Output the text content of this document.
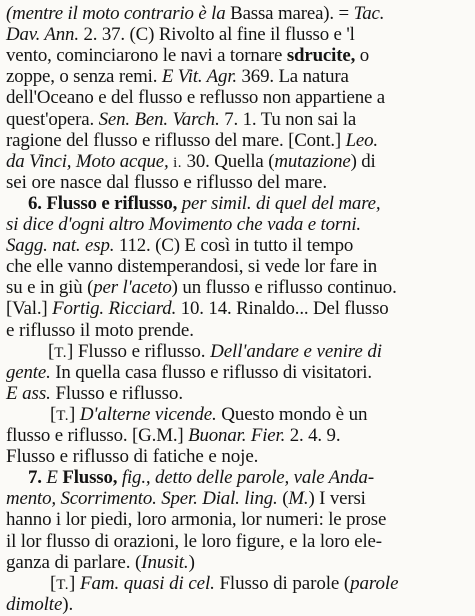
(mentre il moto contrario è la Bassa marea). = Tac.
Dav. Ann. 2. 37. (C) Rivolto al fine il flusso e 'l
vento, cominciarono le navi a tornare sdrucite, o
zoppe, o senza remi. E Vit. Agr. 369. La natura
dell'Oceano e del flusso e reflusso non appartiene a
quest'opera. Sen. Ben. Varch. 7. 1. Tu non sai la
ragione del flusso e riflusso del mare. [Cont.] Leo.
da Vinci, Moto acque, i. 30. Quella (mutazione) di
sei ore nasce dal flusso e riflusso del mare.
6. Flusso e riflusso, per simil. di quel del mare,
si dice d'ogni altro Movimento che vada e torni.
Sagg. nat. esp. 112. (C) E così in tutto il tempo
che elle vanno distemperandosi, si vede lor fare in
su e in giù (per l'aceto) un flusso e riflusso continuo.
[Val.] Fortig. Ricciard. 10. 14. Rinaldo... Del flusso
e riflusso il moto prende.
[T.] Flusso e riflusso. Dell'andare e venire di
gente. In quella casa flusso e riflusso di visitatori.
E ass. Flusso e riflusso.
[T.] D'alterne vicende. Questo mondo è un
flusso e riflusso. [G.M.] Buonar. Fier. 2. 4. 9.
Flusso e riflusso di fatiche e noje.
7. E Flusso, fig., detto delle parole, vale Anda-
mento, Scorrimento. Sper. Dial. ling. (M.) I versi
hanno i lor piedi, loro armonia, lor numeri: le prose
il lor flusso di orazioni, le loro figure, e la loro ele-
ganza di parlare. (Inusit.)
[T.] Fam. quasi di cel. Flusso di parole (parole
dimolte).
